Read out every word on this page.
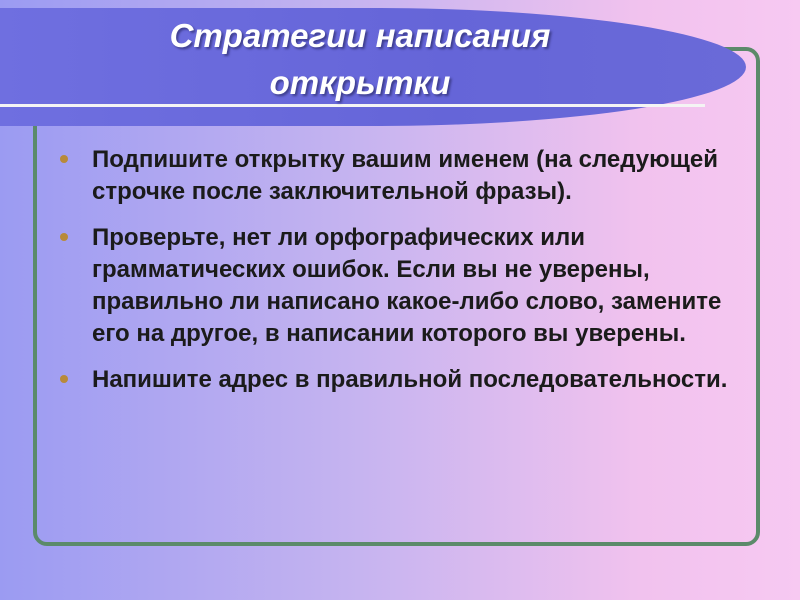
Стратегии написания открытки
Подпишите открытку вашим именем (на следующей строчке после заключительной фразы).
Проверьте, нет ли орфографических или грамматических ошибок. Если вы не уверены, правильно ли написано какое-либо слово, замените его на другое, в написании которого вы уверены.
Напишите адрес в правильной последовательности.
